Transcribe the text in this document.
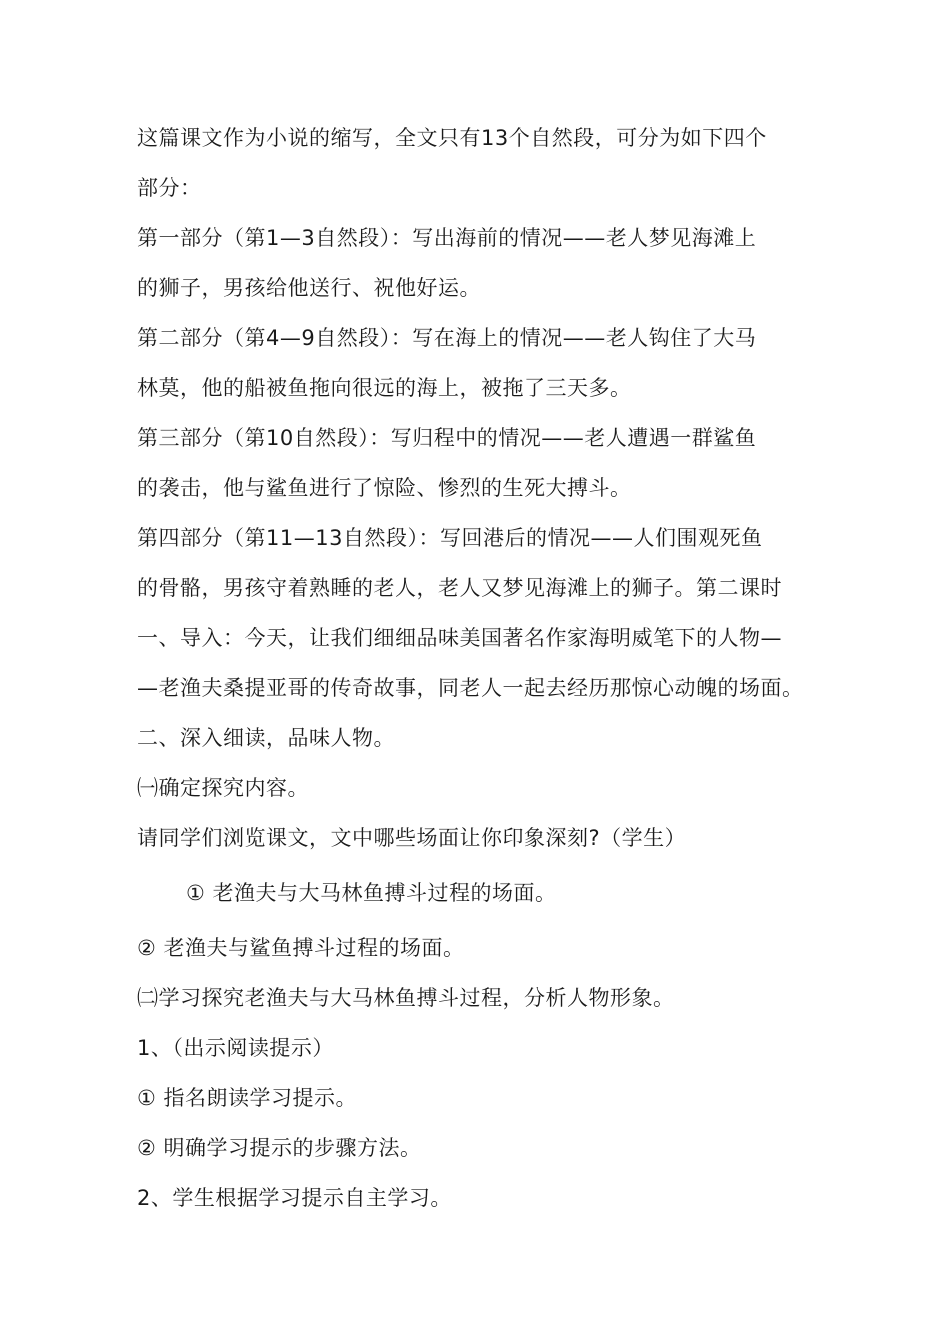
这篇课文作为小说的缩写，全文只有13个自然段，可分为如下四个
部分：
第一部分（第1—3自然段）：写出海前的情况——老人梦见海滩上
的狮子，男孩给他送行、祝他好运。
第二部分（第4—9自然段）：写在海上的情况——老人钩住了大马
林莫，他的船被鱼拖向很远的海上，被拖了三天多。
第三部分（第10自然段）：写归程中的情况——老人遭遇一群鲨鱼
的袭击，他与鲨鱼进行了惊险、惨烈的生死大搏斗。
第四部分（第11—13自然段）：写回港后的情况——人们围观死鱼
的骨骼，男孩守着熟睡的老人，老人又梦见海滩上的狮子。第二课时
一、导入：今天，让我们细细品味美国著名作家海明威笔下的人物—
—老渔夫桑提亚哥的传奇故事，同老人一起去经历那惊心动魄的场面。
二、深入细读，品味人物。
㈠确定探究内容。
请同学们浏览课文，文中哪些场面让你印象深刻?（学生）
① 老渔夫与大马林鱼搏斗过程的场面。
② 老渔夫与鲨鱼搏斗过程的场面。
㈡学习探究老渔夫与大马林鱼搏斗过程，分析人物形象。
1、（出示阅读提示）
① 指名朗读学习提示。
② 明确学习提示的步骤方法。
2、学生根据学习提示自主学习。
